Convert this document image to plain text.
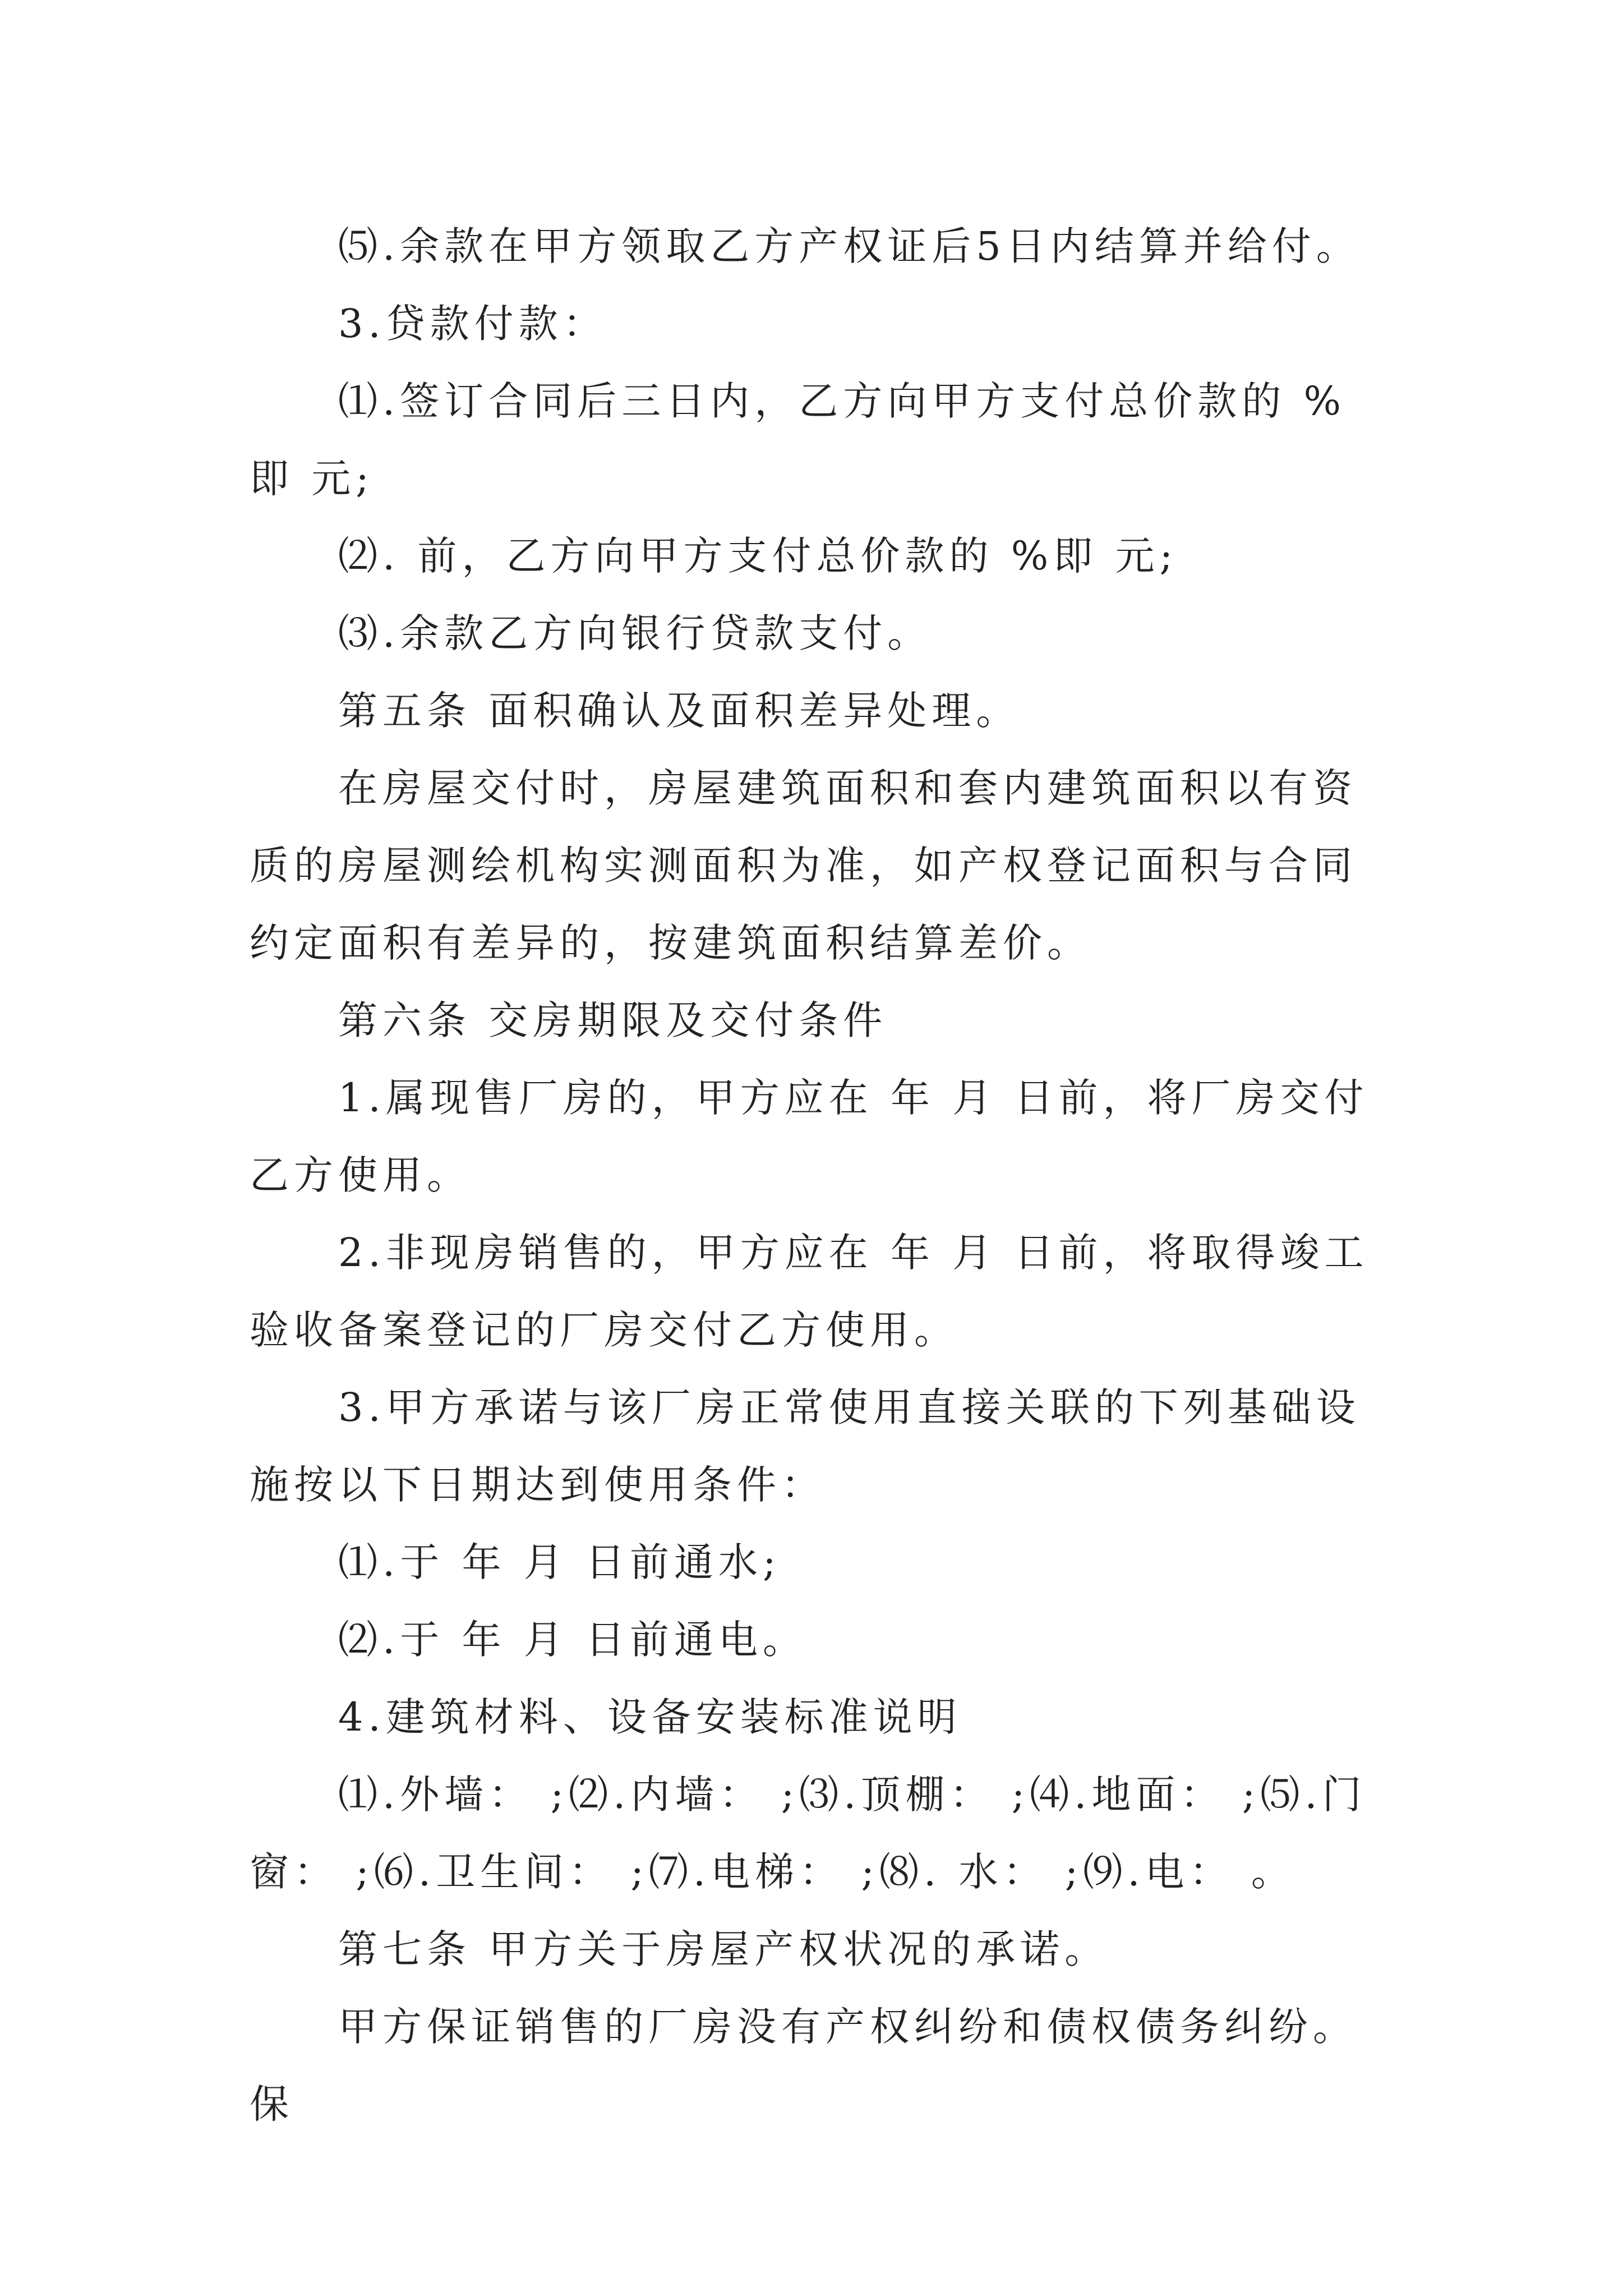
⑸.余款在甲方领取乙方产权证后5日内结算并给付。

3.贷款付款：

⑴.签订合同后三日内，乙方向甲方支付总价款的 %即 元;

⑵. 前，乙方向甲方支付总价款的 %即 元;

⑶.余款乙方向银行贷款支付。

第五条 面积确认及面积差异处理。

在房屋交付时，房屋建筑面积和套内建筑面积以有资质的房屋测绘机构实测面积为准，如产权登记面积与合同约定面积有差异的，按建筑面积结算差价。

第六条 交房期限及交付条件

1.属现售厂房的，甲方应在 年 月 日前，将厂房交付乙方使用。

2.非现房销售的，甲方应在 年 月 日前，将取得竣工验收备案登记的厂房交付乙方使用。

3.甲方承诺与该厂房正常使用直接关联的下列基础设施按以下日期达到使用条件：

⑴.于 年 月 日前通水;

⑵.于 年 月 日前通电。

4.建筑材料、设备安装标准说明

⑴.外墙： ;⑵.内墙： ;⑶.顶棚： ;⑷.地面： ;⑸.门窗： ;⑹.卫生间： ;⑺.电梯： ;⑻. 水： ;⑼.电： 。

第七条 甲方关于房屋产权状况的承诺。

甲方保证销售的厂房没有产权纠纷和债权债务纠纷。保
